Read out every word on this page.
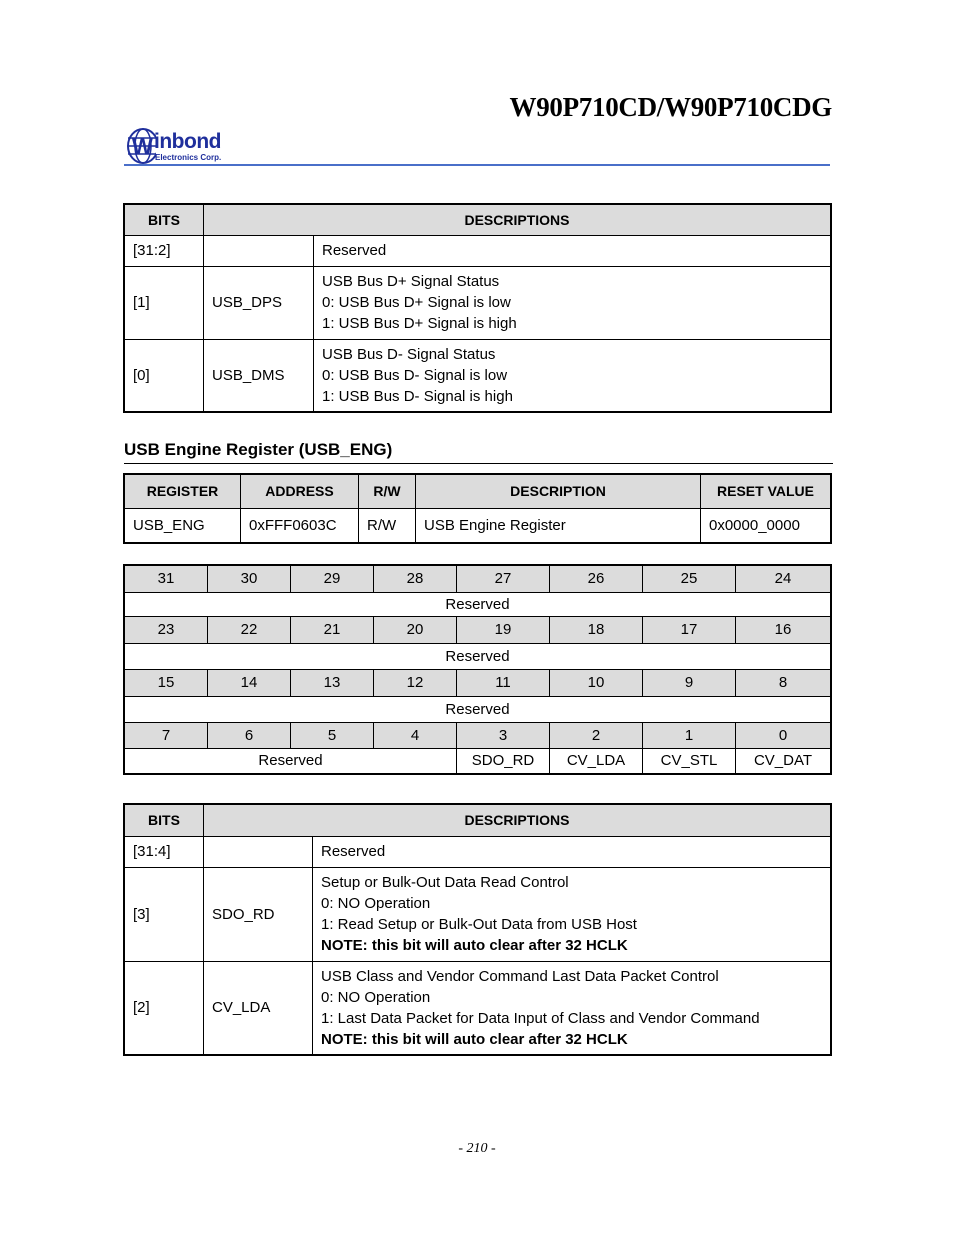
W90P710CD/W90P710CDG
W inbond
Electronics Corp.
BITS	DESCRIPTIONS	
[31:2]		Reserved
[1]	USB_DPS	USB Bus D+ Signal Status
0: USB Bus D+ Signal is low
1: USB Bus D+ Signal is high

[0]	USB_DMS	USB Bus D- Signal Status
0: USB Bus D- Signal is low
1: USB Bus D- Signal is high
USB Engine Register (USB_ENG)
REGISTER	ADDRESS	R/W	DESCRIPTION	RESET VALUE
USB_ENG	0xFFF0603C	R/W	USB Engine Register	0x0000_0000
31	30	29	28	27	26	25	24
Reserved							
23	22	21	20	19	18	17	16
Reserved							
15	14	13	12	11	10	9	8
Reserved							
7	6	5	4	3	2	1	0
Reserved				SDO_RD	CV_LDA	CV_STL	CV_DAT
BITS	DESCRIPTIONS	
[31:4]		Reserved
[3]	SDO_RD	Setup or Bulk-Out Data Read Control
0: NO Operation
1: Read Setup or Bulk-Out Data from USB Host
NOTE: this bit will auto clear after 32 HCLK

[2]	CV_LDA	USB Class and Vendor Command Last Data Packet Control
0: NO Operation
1: Last Data Packet for Data Input of Class and Vendor Command
NOTE: this bit will auto clear after 32 HCLK
- 210 -
